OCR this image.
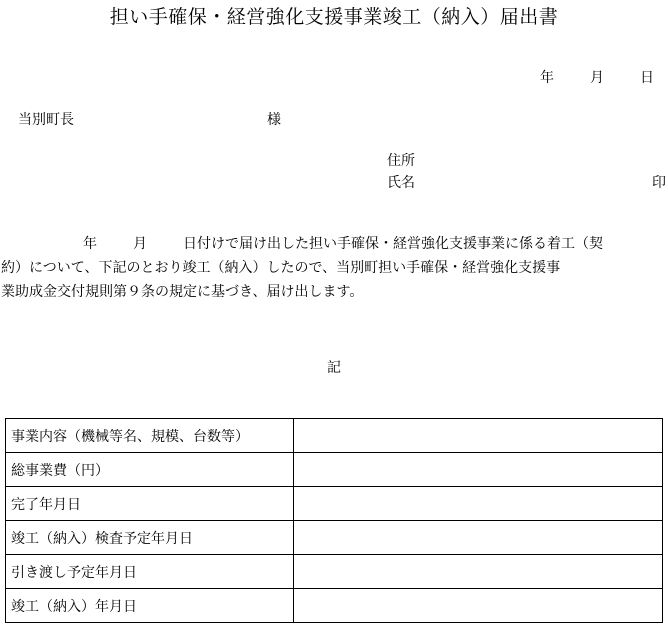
担い手確保・経営強化支援事業竣工（納入）届出書
年	月	日
当別町長	様
住所
氏名	印
年	月	日付けで届け出した担い手確保・経営強化支援事業に係る着工（契
約）について、下記のとおり竣工（納入）したので、当別町担い手確保・経営強化支援事
業助成金交付規則第９条の規定に基づき、届け出します。
記
事業内容（機械等名、規模、台数等）	
総事業費（円）	
完了年月日	
竣工（納入）検査予定年月日	
引き渡し予定年月日	
竣工（納入）年月日	
